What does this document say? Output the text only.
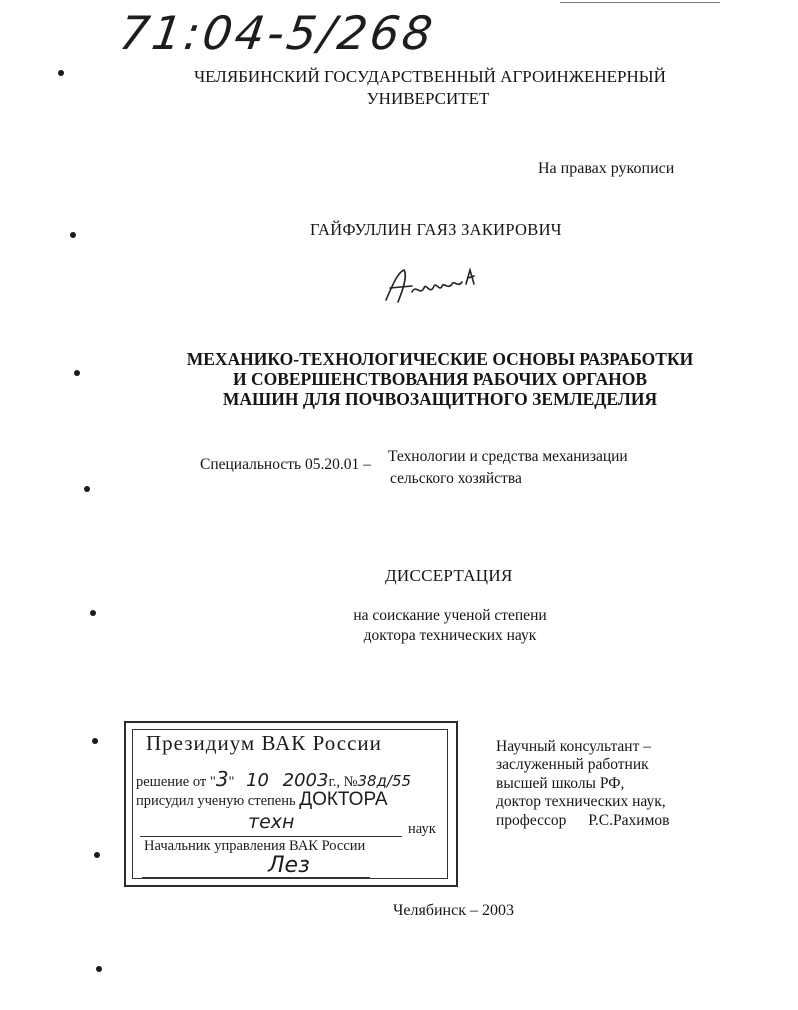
71:04-5/268
ЧЕЛЯБИНСКИЙ ГОСУДАРСТВЕННЫЙ АГРОИНЖЕНЕРНЫЙ
УНИВЕРСИТЕТ
На правах рукописи
ГАЙФУЛЛИН ГАЯЗ ЗАКИРОВИЧ
МЕХАНИКО-ТЕХНОЛОГИЧЕСКИЕ ОСНОВЫ РАЗРАБОТКИ
И СОВЕРШЕНСТВОВАНИЯ РАБОЧИХ ОРГАНОВ
МАШИН ДЛЯ ПОЧВОЗАЩИТНОГО ЗЕМЛЕДЕЛИЯ
Специальность 05.20.01 – Технологии и средства механизации
сельского хозяйства
ДИССЕРТАЦИЯ
на соискание ученой степени
доктора технических наук
Президиум ВАК России
решение от "3" 10 2003г., №38д/55
присудил ученую степень ДОКТОРА
техн	наук
Начальник управления ВАК России
Лез
Научный консультант –
заслуженный работник
высшей школы РФ,
доктор технических наук,
профессор Р.С.Рахимов
Челябинск – 2003
